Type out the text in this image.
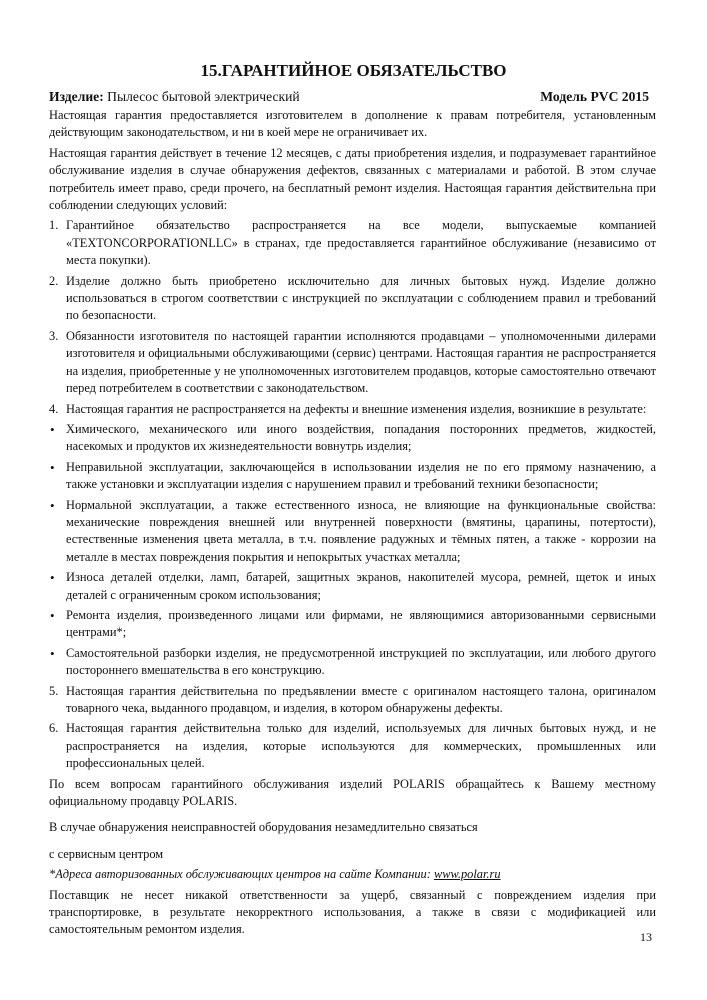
15.ГАРАНТИЙНОЕ ОБЯЗАТЕЛЬСТВО
Изделие: Пылесос бытовой электрический	Модель PVC 2015

Настоящая гарантия предоставляется изготовителем в дополнение к правам потребителя, установленным действующим законодательством, и ни в коей мере не ограничивает их.

Настоящая гарантия действует в течение 12 месяцев, с даты приобретения изделия, и подразумевает гарантийное обслуживание изделия в случае обнаружения дефектов, связанных с материалами и работой. В этом случае потребитель имеет право, среди прочего, на бесплатный ремонт изделия. Настоящая гарантия действительна при соблюдении следующих условий:

1. Гарантийное обязательство распространяется на все модели, выпускаемые компанией «TEXTONCORPORATIONLLC» в странах, где предоставляется гарантийное обслуживание (независимо от места покупки).
2. Изделие должно быть приобретено исключительно для личных бытовых нужд. Изделие должно использоваться в строгом соответствии с инструкцией по эксплуатации с соблюдением правил и требований по безопасности.
3. Обязанности изготовителя по настоящей гарантии исполняются продавцами – уполномоченными дилерами изготовителя и официальными обслуживающими (сервис) центрами. Настоящая гарантия не распространяется на изделия, приобретенные у не уполномоченных изготовителем продавцов, которые самостоятельно отвечают перед потребителем в соответствии с законодательством.
4. Настоящая гарантия не распространяется на дефекты и внешние изменения изделия, возникшие в результате:
• Химического, механического или иного воздействия, попадания посторонних предметов, жидкостей, насекомых и продуктов их жизнедеятельности вовнутрь изделия;
• Неправильной эксплуатации, заключающейся в использовании изделия не по его прямому назначению, а также установки и эксплуатации изделия с нарушением правил и требований техники безопасности;
• Нормальной эксплуатации, а также естественного износа, не влияющие на функциональные свойства: механические повреждения внешней или внутренней поверхности (вмятины, царапины, потертости), естественные изменения цвета металла, в т.ч. появление радужных и тёмных пятен, а также - коррозии на металле в местах повреждения покрытия и непокрытых участках металла;
• Износа деталей отделки, ламп, батарей, защитных экранов, накопителей мусора, ремней, щеток и иных деталей с ограниченным сроком использования;
• Ремонта изделия, произведенного лицами или фирмами, не являющимися авторизованными сервисными центрами*;
• Самостоятельной разборки изделия, не предусмотренной инструкцией по эксплуатации, или любого другого постороннего вмешательства в его конструкцию.
5. Настоящая гарантия действительна по предъявлении вместе с оригиналом настоящего талона, оригиналом товарного чека, выданного продавцом, и изделия, в котором обнаружены дефекты.
6. Настоящая гарантия действительна только для изделий, используемых для личных бытовых нужд, и не распространяется на изделия, которые используются для коммерческих, промышленных или профессиональных целей.

По всем вопросам гарантийного обслуживания изделий POLARIS обращайтесь к Вашему местному официальному продавцу POLARIS.

В случае обнаружения неисправностей оборудования незамедлительно связаться

с сервисным центром

*Адреса авторизованных обслуживающих центров на сайте Компании: www.polar.ru

Поставщик не несет никакой ответственности за ущерб, связанный с повреждением изделия при транспортировке, в результате некорректного использования, а также в связи с модификацией или самостоятельным ремонтом изделия.

13
